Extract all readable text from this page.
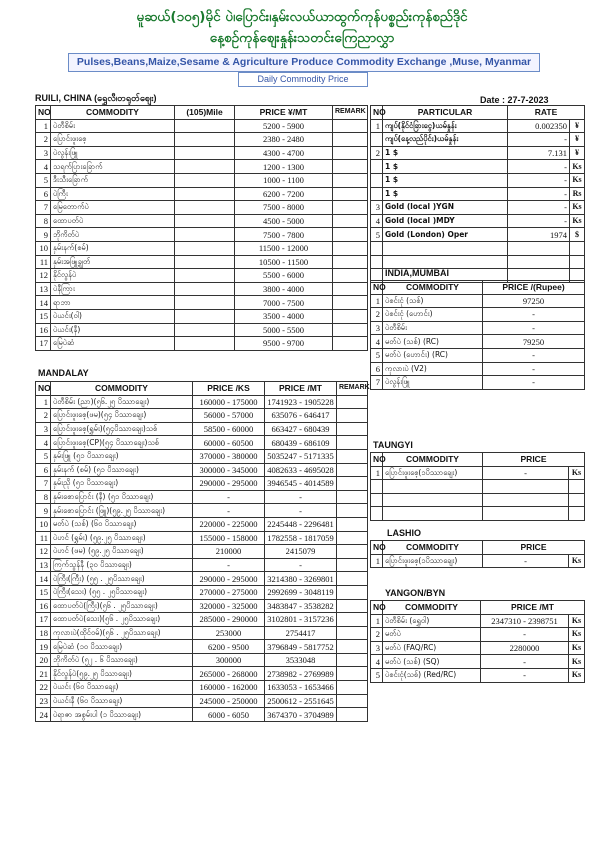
မူဆယ်(၁၀၅)မိုင် ပဲ၊ပြောင်း၊နှမ်းလယ်ယာထွက်ကုန်ပစ္စည်းကုန်စည်ဒိုင်
နေ့စဉ်ကုန်စျေးနှုန်းသတင်းကြေညာလွှာ
Pulses,Beans,Maize,Sesame & Agriculture Produce Commodity Exchange ,Muse, Myanmar
Daily Commodity Price
RUILI, CHINA (ရွှေလီ၊တရုတ်ဈေး)	Date : 27-7-2023
NO	COMMODITY	(105)Mile	PRICE ¥/MT	REMARK
1	ပဲတီစိမ်း		5200 - 5900	
2	ပြောင်းဖူးစေ့		2380 - 2480	
3	ပဲလွန်းဖြူ		4300 - 4700	
4	သရက်ပြားခြောက်		1200 - 1300	
5	ဒီးသီးခြောက်		1000 - 1100	
6	ပဲကြီး		6200 - 7200	
7	မြေတောက်ပဲ		7500 - 8000	
8	ထောပတ်ပဲ		4500 - 5000	
9	ဘိုကိတ်ပဲ		7500 - 7800	
10	နှမ်းနက်(စမ်)		11500 - 12000	
11	နှမ်းအဖြူ့ချွတ်		10500 - 11500	
12	နိုင်လွန်ပဲ		5500 - 6000	
13	ပဲနီကြား		3800 - 4000	
14	ရာဘာ		7000 - 7500	
15	ပဲယင်း(ဝါ)		3500 - 4000	
16	ပဲယင်း(နီ)		5000 - 5500	
17	မြေပဲဆံ		9500 - 9700	
NO	PARTICULAR	RATE	
1	ကျပ်(နိုင်ငံခြားငွေ)ယမ်နှုန်း	0.002350	¥
	ကျပ်(နေ့လည်ပိုင်း)ယမ်နှုန်း	-	¥
2	1 $	7.131	¥
	1 $	-	Ks
	1 $	-	Ks
	1 $	-	Rs
3	Gold (local )YGN	-	Ks
4	Gold (local )MDY	-	Ks
5	Gold (London) Oper	1974	$

INDIA,MUMBAI
NO	COMMODITY	PRICE /(Rupee)
1	ပဲစင်းငုံ (သစ်)	97250
2	ပဲစင်းငုံ (ဟောင်း)	-
3	ပဲတီစိမ်း	-
4	မတ်ပဲ (သစ်) (RC)	79250
5	မတ်ပဲ (ဟောင်း) (RC)	-
6	ကုလားပဲ (V2)	-
7	ပဲလွန်းဖြူ	-
MANDALAY
NO	COMMODITY	PRICE /KS	PRICE /MT	REMARK
1	ပဲတီစိမ်း (ညာ)(၅၆.၂၅ ပိဿာချေး)	160000 - 175000	1741923 - 1905228	
2	ပြောင်းဖူးစေ့(ဖမ)(၅၄ ပိဿာချေး)	56000 - 57000	635076 - 646417	
3	ပြောင်းဖူးစေ့(ရွှမ်း)(၅၄ပိဿာချေး)သစ်	58500 - 60000	663427 - 680439	
4	ပြောင်းဖူးစေ့(CP)(၅၄ ပိဿာချေး)သစ်	60000 - 60500	680439 - 686109	
5	နှမ်းဖြူ (၅၁ ပိဿာချေး)	370000 - 380000	5035247 - 5171335	
6	နှမ်းနက် (စမ်) (၅၁ ပိဿာချေး)	300000 - 345000	4082633 - 4695028	
7	နှမ်းညို (၅၁ ပိဿာချေး)	290000 - 295000	3946545 - 4014589	
8	နှမ်းစောပြောင်း (နီ) (၅၁ ပိဿာချေး)	-	-	
9	နှမ်းစောပြောင်း (ဖြူ)(၅၉.၂၅ ပိဿာချေး)	-	-	
10	မတ်ပဲ (သစ်) (၆၀ ပိဿာချေး)	220000 - 225000	2245448 - 2296481	
11	ပဲဟင် (ရွှမ်း) (၅၉.၂၅ ပိဿာချေး)	155000 - 158000	1782558 - 1817059	
12	ပဲဟင် (ဖမ) (၅၉.၂၅ ပိဿာချေး)	210000	2415079	
13	ကြက်သွန်နီ (၃၀ ပိဿာချေး)	-	-	
14	ပဲကြီး(ကြီး) (၅၅ . ၂၅ပိဿာချေး)	290000 - 295000	3214380 - 3269801	
15	ပဲကြီး(သေး) (၅၅ . ၂၅ပိဿာချေး)	270000 - 275000	2992699 - 3048119	
16	ထောပတ်ပဲ(ကြီး)(၅၆ . ၂၅ပိဿာချေး)	320000 - 325000	3483847 - 3538282	
17	ထောပတ်ပဲ(သေး)(၅၆ . ၂၅ပိဿာချေး)	285000 - 290000	3102801 - 3157236	
18	ကုလားပဲ(ထိုင်ဝမ်)(၅၆ . ၂၅ပိဿာချေး)	253000	2754417	
19	မြေပဲဆံ (၁၀ ပိဿာချေး)	6200 - 9500	3796849 - 5817752	
20	ဘိုကိတ်ပဲ (၅၂ . ၆ ပိဿာချေး)	300000	3533048	
21	နိုင်လွန်ပဲ(၅၉.၂၅ ပိဿာချေး)	265000 - 268000	2738982 - 2769989	
22	ပဲယင်း (၆၀ ပိဿာချေး)	160000 - 162000	1633053 - 1653466	
23	ပဲယင်းနီ (၆၀ ပိဿာချေး)	245000 - 250000	2500612 - 2551645	
24	ပဲရာဇာ အစွမ်းပါ (၁ ပိဿာချေး)	6000 - 6050	3674370 - 3704989	
TAUNGYI
NO	COMMODITY	PRICE	
1	ပြောင်းဖူးစေ့(၁ပိဿာချေး)	-	Ks

LASHIO
NO	COMMODITY	PRICE	
1	ပြောင်းဖူးစေ့(၁ပိဿာချေး)	-	Ks
YANGON/BYN
NO	COMMODITY	PRICE /MT	
1	ပဲတီစိမ်း (ရွှေဝါ)	2347310 - 2398751	Ks
2	မတ်ပဲ	-	Ks
3	မတ်ပဲ (FAQ/RC)	2280000	Ks
4	မတ်ပဲ (သစ်) (SQ)	-	Ks
5	ပဲစင်းငုံ(သစ်) (Red/RC)	-	Ks
